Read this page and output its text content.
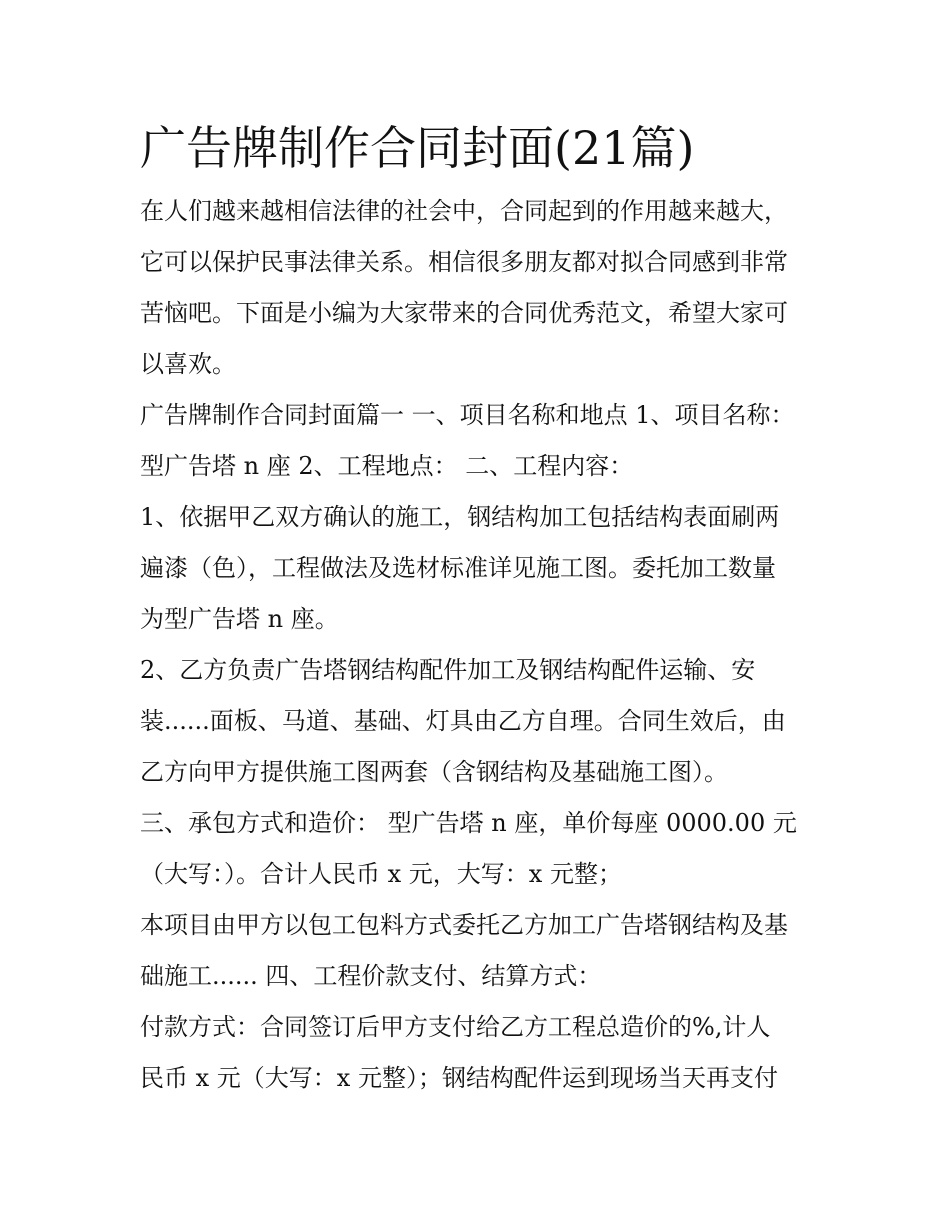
广告牌制作合同封面(21篇)

在人们越来越相信法律的社会中，合同起到的作用越来越大，

它可以保护民事法律关系。相信很多朋友都对拟合同感到非常

苦恼吧。下面是小编为大家带来的合同优秀范文，希望大家可

以喜欢。

广告牌制作合同封面篇一 一、项目名称和地点 1、项目名称：

型广告塔 n 座 2、工程地点： 二、工程内容：

1、依据甲乙双方确认的施工，钢结构加工包括结构表面刷两

遍漆（色），工程做法及选材标准详见施工图。委托加工数量

为型广告塔 n 座。

2、乙方负责广告塔钢结构配件加工及钢结构配件运输、安

装......面板、马道、基础、灯具由乙方自理。合同生效后，由

乙方向甲方提供施工图两套（含钢结构及基础施工图）。

三、承包方式和造价： 型广告塔 n 座，单价每座 0000.00 元

（大写：）。合计人民币 x 元，大写：x 元整；

本项目由甲方以包工包料方式委托乙方加工广告塔钢结构及基

础施工...... 四、工程价款支付、结算方式：

付款方式：合同签订后甲方支付给乙方工程总造价的%,计人

民币 x 元（大写：x 元整）；钢结构配件运到现场当天再支付
